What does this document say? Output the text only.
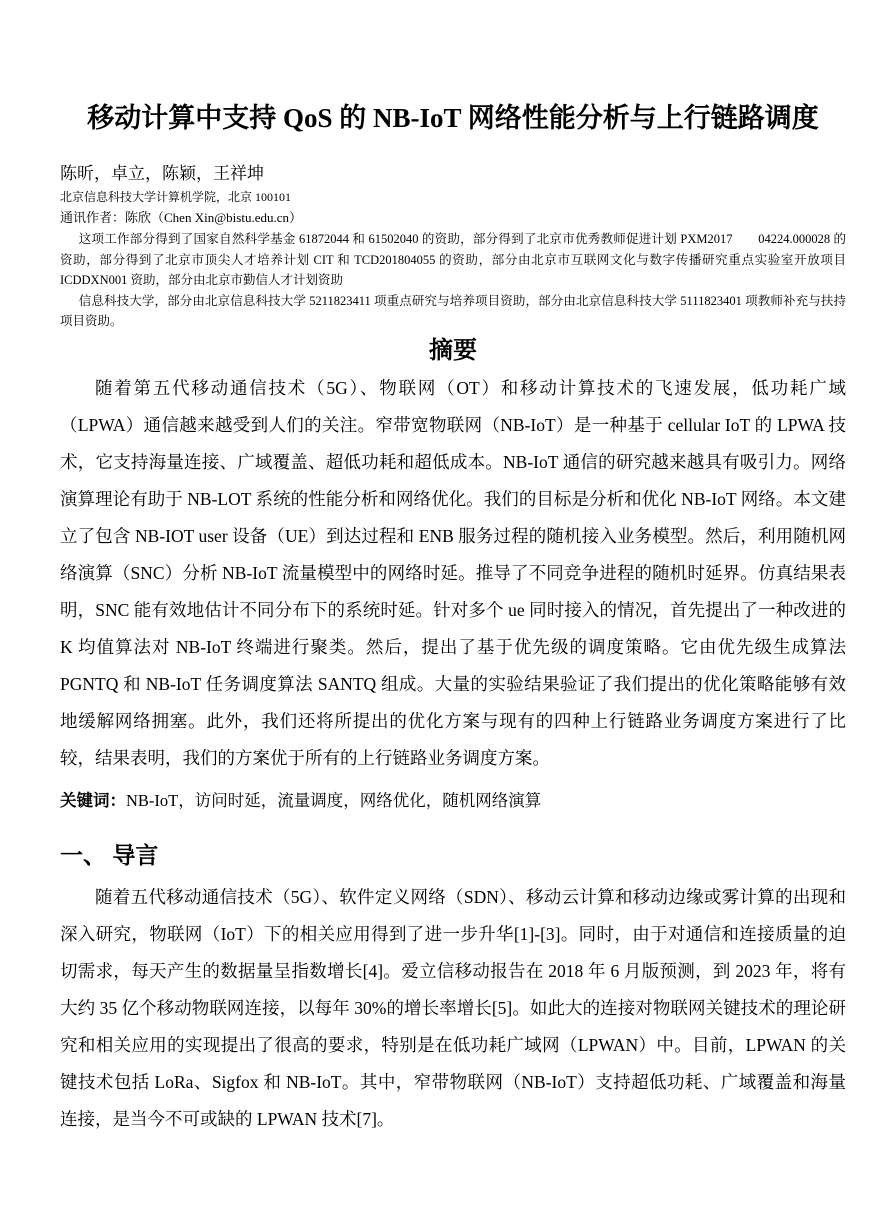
移动计算中支持 QoS 的 NB-IoT 网络性能分析与上行链路调度
陈昕，卓立，陈颖，王祥坤
北京信息科技大学计算机学院，北京 100101
通讯作者：陈欣（Chen Xin@bistu.edu.cn）

这项工作部分得到了国家自然科学基金 61872044 和 61502040 的资助，部分得到了北京市优秀教师促进计划 PXM2017　　04224.000028 的资助，部分得到了北京市顶尖人才培养计划 CIT 和 TCD201804055 的资助，部分由北京市互联网文化与数字传播研究重点实验室开放项目 ICDDXN001 资助，部分由北京市勤信人才计划资助

信息科技大学，部分由北京信息科技大学 5211823411 项重点研究与培养项目资助，部分由北京信息科技大学 5111823401 项教师补充与扶持项目资助。

摘要

随着第五代移动通信技术（5G）、物联网（OT）和移动计算技术的飞速发展，低功耗广域（LPWA）通信越来越受到人们的关注。窄带宽物联网（NB-IoT）是一种基于 cellular IoT 的 LPWA 技术，它支持海量连接、广域覆盖、超低功耗和超低成本。NB-IoT 通信的研究越来越具有吸引力。网络演算理论有助于 NB-LOT 系统的性能分析和网络优化。我们的目标是分析和优化 NB-IoT 网络。本文建立了包含 NB-IOT user 设备（UE）到达过程和 ENB 服务过程的随机接入业务模型。然后，利用随机网络演算（SNC）分析 NB-IoT 流量模型中的网络时延。推导了不同竞争进程的随机时延界。仿真结果表明，SNC 能有效地估计不同分布下的系统时延。针对多个 ue 同时接入的情况，首先提出了一种改进的 K 均值算法对 NB-IoT 终端进行聚类。然后，提出了基于优先级的调度策略。它由优先级生成算法 PGNTQ 和 NB-IoT 任务调度算法 SANTQ 组成。大量的实验结果验证了我们提出的优化策略能够有效地缓解网络拥塞。此外，我们还将所提出的优化方案与现有的四种上行链路业务调度方案进行了比较，结果表明，我们的方案优于所有的上行链路业务调度方案。

关键词：NB-IoT，访问时延，流量调度，网络优化，随机网络演算

一、 导言

随着五代移动通信技术（5G）、软件定义网络（SDN）、移动云计算和移动边缘或雾计算的出现和深入研究，物联网（IoT）下的相关应用得到了进一步升华[1]-[3]。同时，由于对通信和连接质量的迫切需求，每天产生的数据量呈指数增长[4]。爱立信移动报告在 2018 年 6 月版预测，到 2023 年，将有大约 35 亿个移动物联网连接，以每年 30%的增长率增长[5]。如此大的连接对物联网关键技术的理论研究和相关应用的实现提出了很高的要求，特别是在低功耗广域网（LPWAN）中。目前，LPWAN 的关键技术包括 LoRa、Sigfox 和 NB-IoT。其中，窄带物联网（NB-IoT）支持超低功耗、广域覆盖和海量连接，是当今不可或缺的 LPWAN 技术[7]。
